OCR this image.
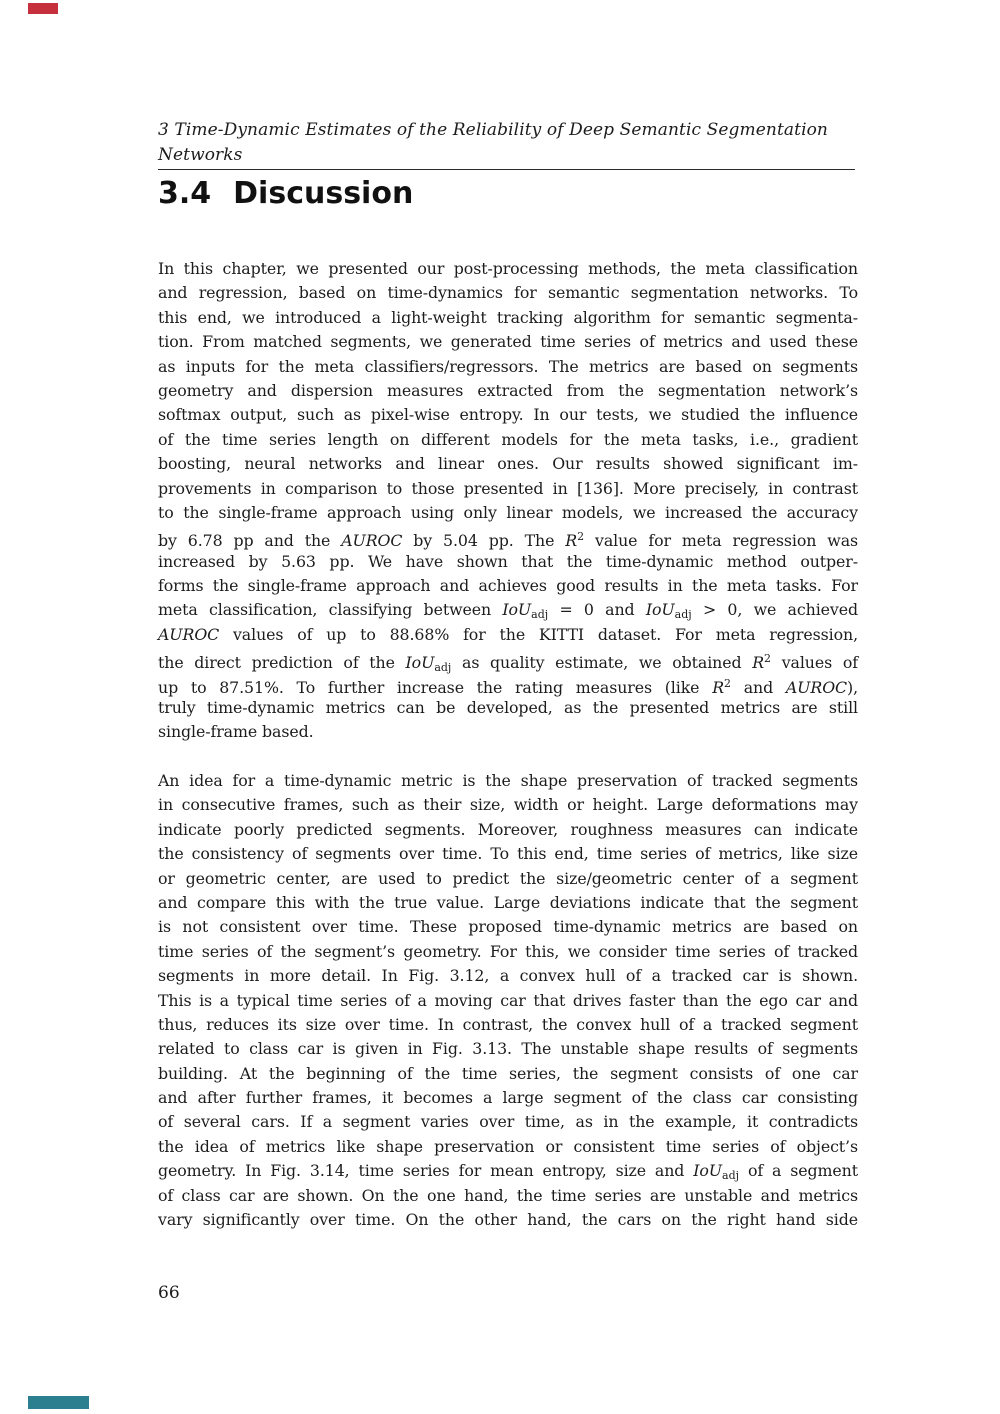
3 Time-Dynamic Estimates of the Reliability of Deep Semantic Segmentation
Networks
3.4 Discussion
In this chapter, we presented our post-processing methods, the meta classification
and regression, based on time-dynamics for semantic segmentation networks. To
this end, we introduced a light-weight tracking algorithm for semantic segmenta-
tion. From matched segments, we generated time series of metrics and used these
as inputs for the meta classifiers/regressors. The metrics are based on segments
geometry and dispersion measures extracted from the segmentation network’s
softmax output, such as pixel-wise entropy. In our tests, we studied the influence
of the time series length on different models for the meta tasks, i.e., gradient
boosting, neural networks and linear ones. Our results showed significant im-
provements in comparison to those presented in [136]. More precisely, in contrast
to the single-frame approach using only linear models, we increased the accuracy
by 6.78 pp and the AUROC by 5.04 pp. The $R^2$ value for meta regression was
increased by 5.63 pp. We have shown that the time-dynamic method outper-
forms the single-frame approach and achieves good results in the meta tasks. For
meta classification, classifying between IoUadj = 0 and IoUadj > 0, we achieved
AUROC values of up to 88.68% for the KITTI dataset. For meta regression,
the direct prediction of the IoUadj as quality estimate, we obtained $R^2$ values of
up to 87.51%. To further increase the rating measures (like $R^2$ and AUROC),
truly time-dynamic metrics can be developed, as the presented metrics are still
single-frame based.
An idea for a time-dynamic metric is the shape preservation of tracked segments
in consecutive frames, such as their size, width or height. Large deformations may
indicate poorly predicted segments. Moreover, roughness measures can indicate
the consistency of segments over time. To this end, time series of metrics, like size
or geometric center, are used to predict the size/geometric center of a segment
and compare this with the true value. Large deviations indicate that the segment
is not consistent over time. These proposed time-dynamic metrics are based on
time series of the segment’s geometry. For this, we consider time series of tracked
segments in more detail. In Fig. 3.12, a convex hull of a tracked car is shown.
This is a typical time series of a moving car that drives faster than the ego car and
thus, reduces its size over time. In contrast, the convex hull of a tracked segment
related to class car is given in Fig. 3.13. The unstable shape results of segments
building. At the beginning of the time series, the segment consists of one car
and after further frames, it becomes a large segment of the class car consisting
of several cars. If a segment varies over time, as in the example, it contradicts
the idea of metrics like shape preservation or consistent time series of object’s
geometry. In Fig. 3.14, time series for mean entropy, size and IoUadj of a segment
of class car are shown. On the one hand, the time series are unstable and metrics
vary significantly over time. On the other hand, the cars on the right hand side
66
